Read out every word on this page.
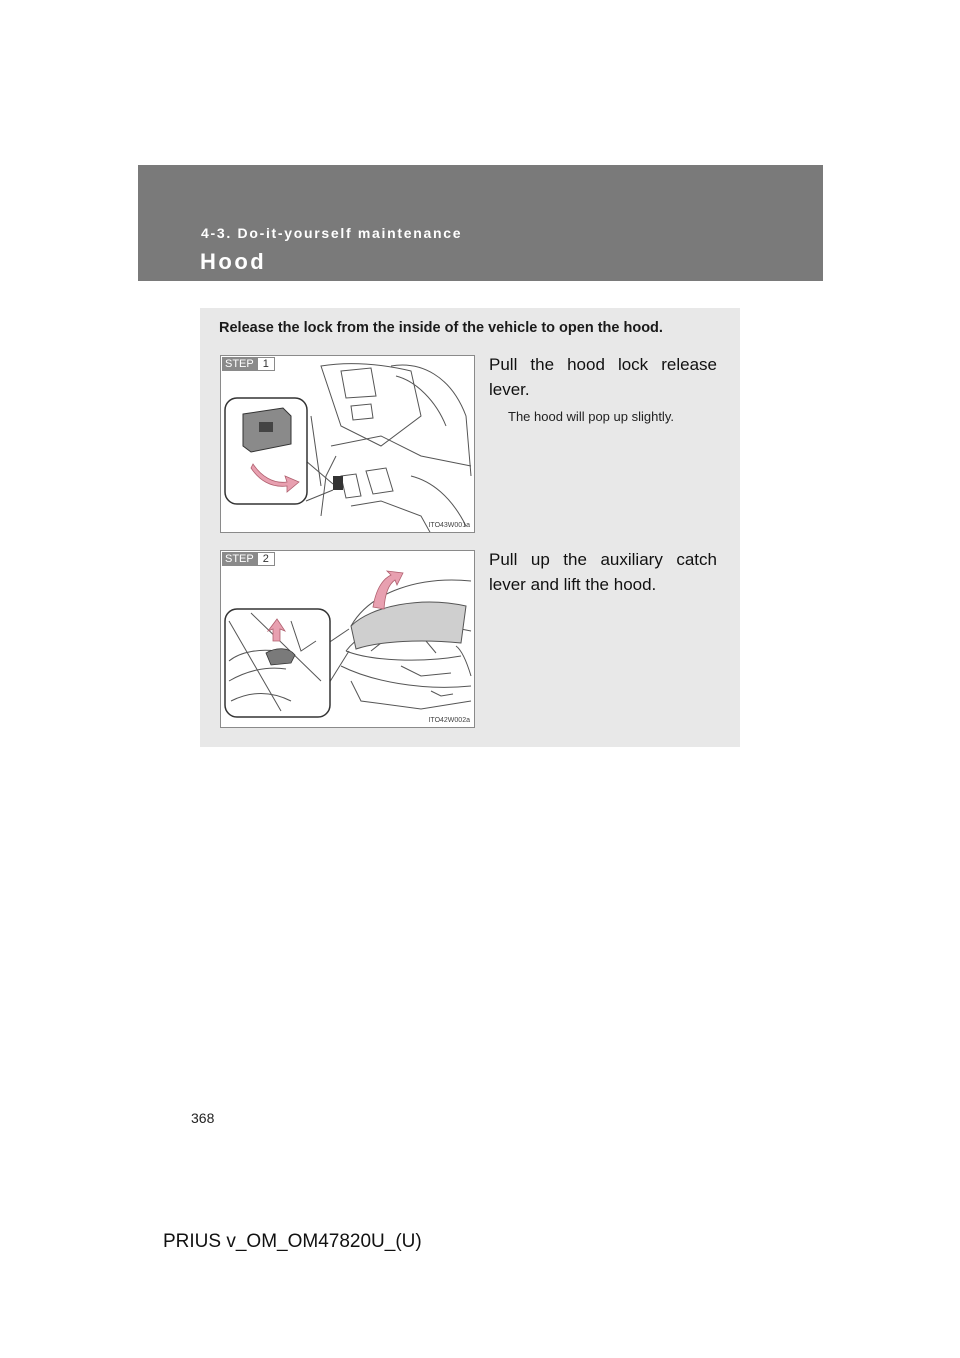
4-3. Do-it-yourself maintenance
Hood
Release the lock from the inside of the vehicle to open the hood.
STEP 1
ITO43W001a
Pull the hood lock release lever.
The hood will pop up slightly.
STEP 2
ITO42W002a
Pull up the auxiliary catch lever and lift the hood.
368
PRIUS v_OM_OM47820U_(U)
